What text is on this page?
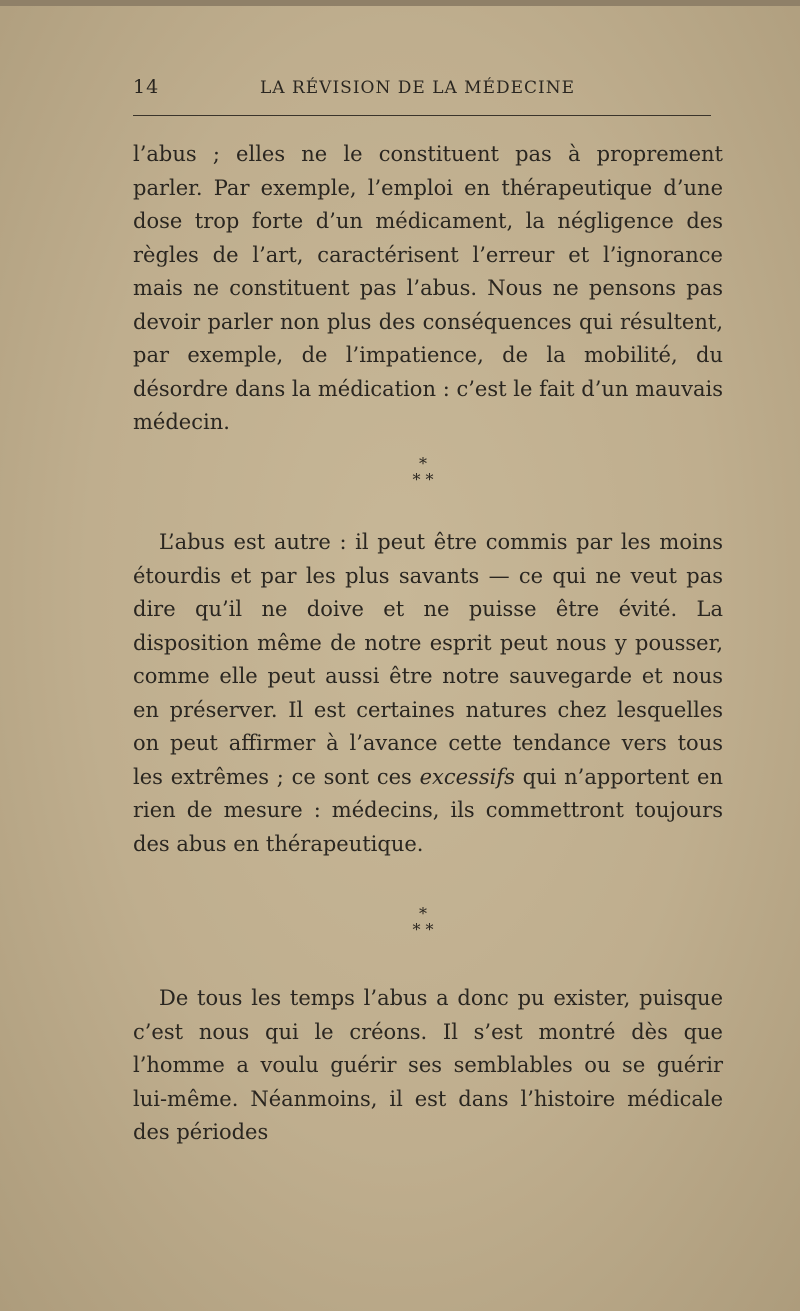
14	LA RÉVISION DE LA MÉDECINE

l’abus ; elles ne le constituent pas à proprement parler. Par exemple, l’emploi en thérapeutique d’une dose trop forte d’un médicament, la négligence des règles de l’art, caractérisent l’erreur et l’ignorance mais ne constituent pas l’abus. Nous ne pensons pas devoir parler non plus des conséquences qui résultent, par exemple, de l’impatience, de la mobilité, du désordre dans la médication : c’est le fait d’un mauvais médecin.

*
* *

L’abus est autre : il peut être commis par les moins étourdis et par les plus savants — ce qui ne veut pas dire qu’il ne doive et ne puisse être évité. La disposition même de notre esprit peut nous y pousser, comme elle peut aussi être notre sauvegarde et nous en préserver. Il est certaines natures chez lesquelles on peut affirmer à l’avance cette tendance vers tous les extrêmes ; ce sont ces excessifs qui n’apportent en rien de mesure : médecins, ils commettront toujours des abus en thérapeutique.

*
* *

De tous les temps l’abus a donc pu exister, puisque c’est nous qui le créons. Il s’est montré dès que l’homme a voulu guérir ses semblables ou se guérir lui-même. Néanmoins, il est dans l’histoire médicale des périodes
